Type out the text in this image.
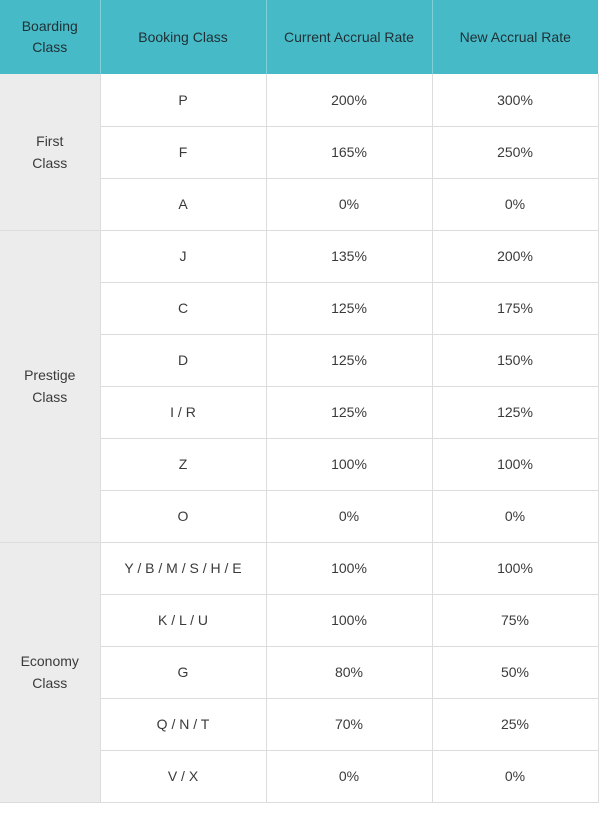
Boarding
Class	Booking Class	Current Accrual Rate	New Accrual Rate
First
Class	P	200%	300%
	F	165%	250%
	A	0%	0%
Prestige
Class	J	135%	200%
	C	125%	175%
	D	125%	150%
	I / R	125%	125%
	Z	100%	100%
	O	0%	0%
Economy
Class	Y / B / M / S / H / E	100%	100%
	K / L / U	100%	75%
	G	80%	50%
	Q / N / T	70%	25%
	V / X	0%	0%
